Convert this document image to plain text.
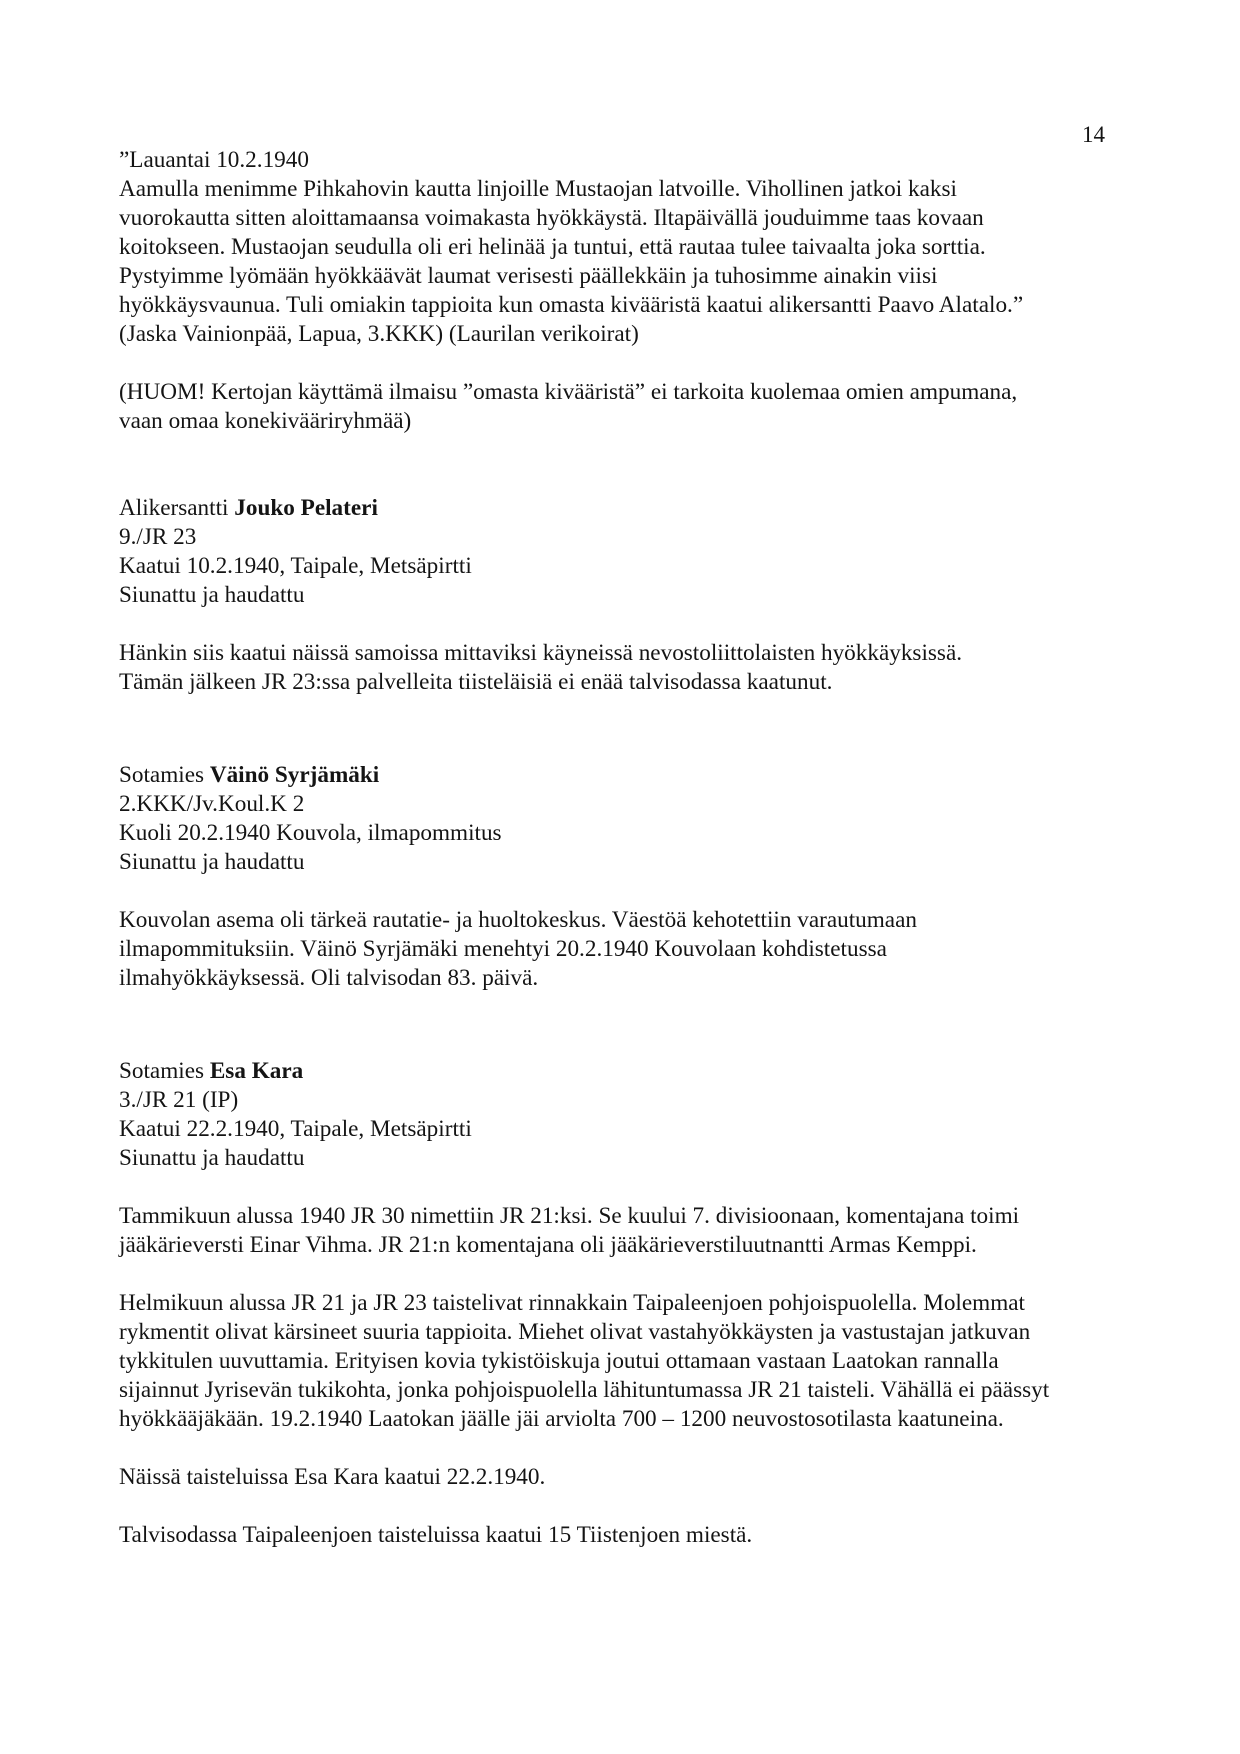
14
”Lauantai 10.2.1940
Aamulla menimme Pihkahovin kautta linjoille Mustaojan latvoille. Vihollinen jatkoi kaksi
vuorokautta sitten aloittamaansa voimakasta hyökkäystä. Iltapäivällä jouduimme taas kovaan
koitokseen. Mustaojan seudulla oli eri helinää ja tuntui, että rautaa tulee taivaalta joka sorttia.
Pystyimme lyömään hyökkäävät laumat verisesti päällekkäin ja tuhosimme ainakin viisi
hyökkäysvaunua. Tuli omiakin tappioita kun omasta kivääristä kaatui alikersantti Paavo Alatalo.”
(Jaska Vainionpää, Lapua, 3.KKK) (Laurilan verikoirat)
(HUOM! Kertojan käyttämä ilmaisu ”omasta kivääristä” ei tarkoita kuolemaa omien ampumana,
vaan omaa konekivääriryhmää)
Alikersantti Jouko Pelateri
9./JR 23
Kaatui 10.2.1940, Taipale, Metsäpirtti
Siunattu ja haudattu
Hänkin siis kaatui näissä samoissa mittaviksi käyneissä nevostoliittolaisten hyökkäyksissä.
Tämän jälkeen JR 23:ssa palvelleita tiisteläisiä ei enää talvisodassa kaatunut.
Sotamies Väinö Syrjämäki
2.KKK/Jv.Koul.K 2
Kuoli 20.2.1940 Kouvola, ilmapommitus
Siunattu ja haudattu
Kouvolan asema oli tärkeä rautatie- ja huoltokeskus. Väestöä kehotettiin varautumaan
ilmapommituksiin. Väinö Syrjämäki menehtyi 20.2.1940 Kouvolaan kohdistetussa
ilmahyökkäyksessä. Oli talvisodan 83. päivä.
Sotamies Esa Kara
3./JR 21 (IP)
Kaatui 22.2.1940, Taipale, Metsäpirtti
Siunattu ja haudattu
Tammikuun alussa 1940 JR 30 nimettiin JR 21:ksi. Se kuului 7. divisioonaan, komentajana toimi
jääkärieversti Einar Vihma. JR 21:n komentajana oli jääkärieverstiluutnantti Armas Kemppi.
Helmikuun alussa JR 21 ja JR 23 taistelivat rinnakkain Taipaleenjoen pohjoispuolella. Molemmat
rykmentit olivat kärsineet suuria tappioita. Miehet olivat vastahyökkäysten ja vastustajan jatkuvan
tykkitulen uuvuttamia. Erityisen kovia tykistöiskuja joutui ottamaan vastaan Laatokan rannalla
sijainnut Jyrisevän tukikohta, jonka pohjoispuolella lähituntumassa JR 21 taisteli. Vähällä ei päässyt
hyökkääjäkään. 19.2.1940 Laatokan jäälle jäi arviolta 700 – 1200 neuvostosotilasta kaatuneina.
Näissä taisteluissa Esa Kara kaatui 22.2.1940.
Talvisodassa Taipaleenjoen taisteluissa kaatui 15 Tiistenjoen miestä.
